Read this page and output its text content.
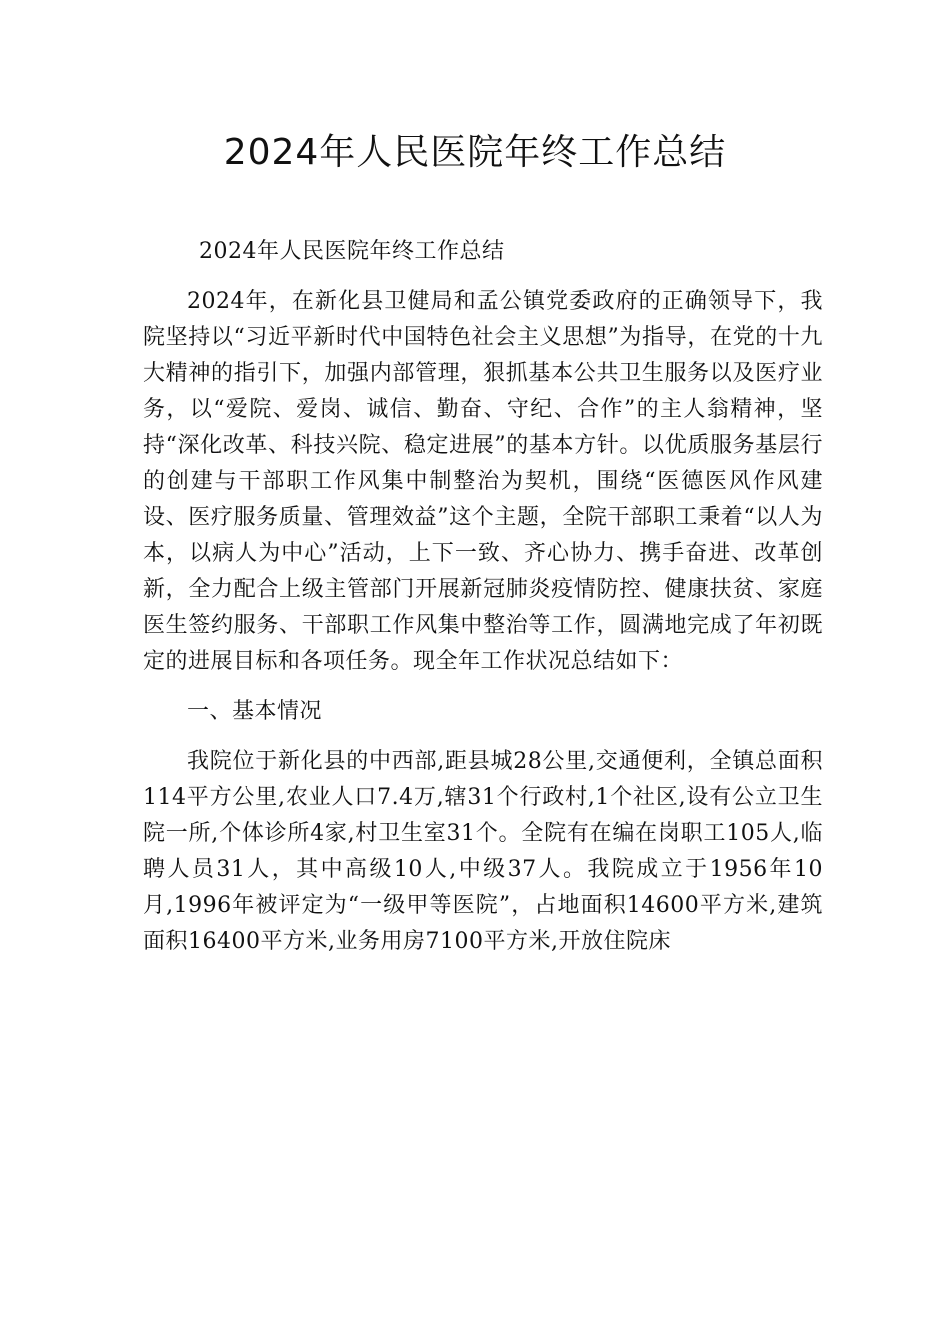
2024年人民医院年终工作总结

2024年人民医院年终工作总结

2024年，在新化县卫健局和孟公镇党委政府的正确领导下，我院坚持以“习近平新时代中国特色社会主义思想”为指导，在党的十九大精神的指引下，加强内部管理，狠抓基本公共卫生服务以及医疗业务，以“爱院、爱岗、诚信、勤奋、守纪、合作”的主人翁精神，坚持“深化改革、科技兴院、稳定进展”的基本方针。以优质服务基层行的创建与干部职工作风集中制整治为契机，围绕“医德医风作风建设、医疗服务质量、管理效益”这个主题，全院干部职工秉着“以人为本，以病人为中心”活动，上下一致、齐心协力、携手奋进、改革创新，全力配合上级主管部门开展新冠肺炎疫情防控、健康扶贫、家庭医生签约服务、干部职工作风集中整治等工作，圆满地完成了年初既定的进展目标和各项任务。现全年工作状况总结如下：

一、基本情况

我院位于新化县的中西部,距县城28公里,交通便利，全镇总面积114平方公里,农业人口7.4万,辖31个行政村,1个社区,设有公立卫生院一所,个体诊所4家,村卫生室31个。全院有在编在岗职工105人,临聘人员31人，其中高级10人,中级37人。我院成立于1956年10月,1996年被评定为“一级甲等医院”，占地面积14600平方米,建筑面积16400平方米,业务用房7100平方米,开放住院床
